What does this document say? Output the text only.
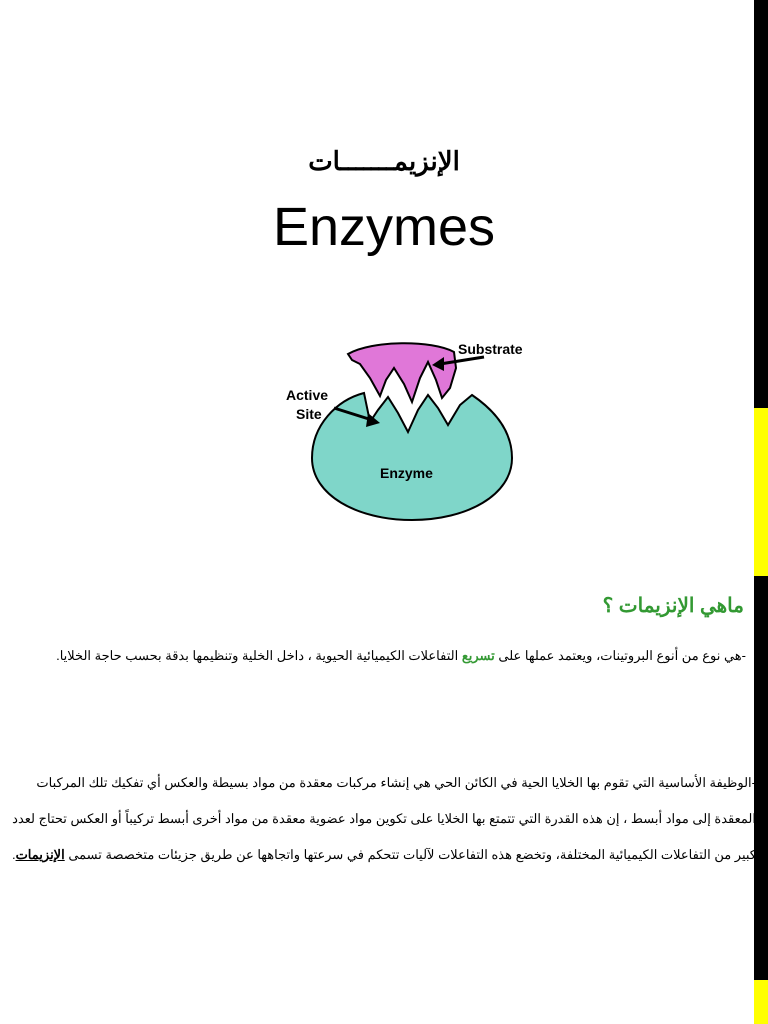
الإنزيمـــــــات
Enzymes
Substrate
Active
Site
Enzyme
ماهي الإنزيمات ؟
-هي نوع من أنوع البروتينات، ويعتمد عملها على تسريع التفاعلات الكيميائية الحيوية ، داخل الخلية وتنظيمها بدقة بحسب حاجة الخلايا.
-الوظيفة الأساسية التي تقوم بها الخلايا الحية في الكائن الحي هي إنشاء مركبات معقدة من مواد بسيطة والعكس أي تفكيك تلك المركبات المعقدة إلى مواد أبسط ، إن هذه القدرة التي تتمتع بها الخلايا على تكوين مواد عضوية معقدة من مواد أخرى أبسط تركيباً أو العكس تحتاج لعدد كبير من التفاعلات الكيميائية المختلفة، وتخضع هذه التفاعلات لآليات تتحكم في سرعتها واتجاهها عن طريق جزيئات متخصصة تسمى الإنزيمات.
